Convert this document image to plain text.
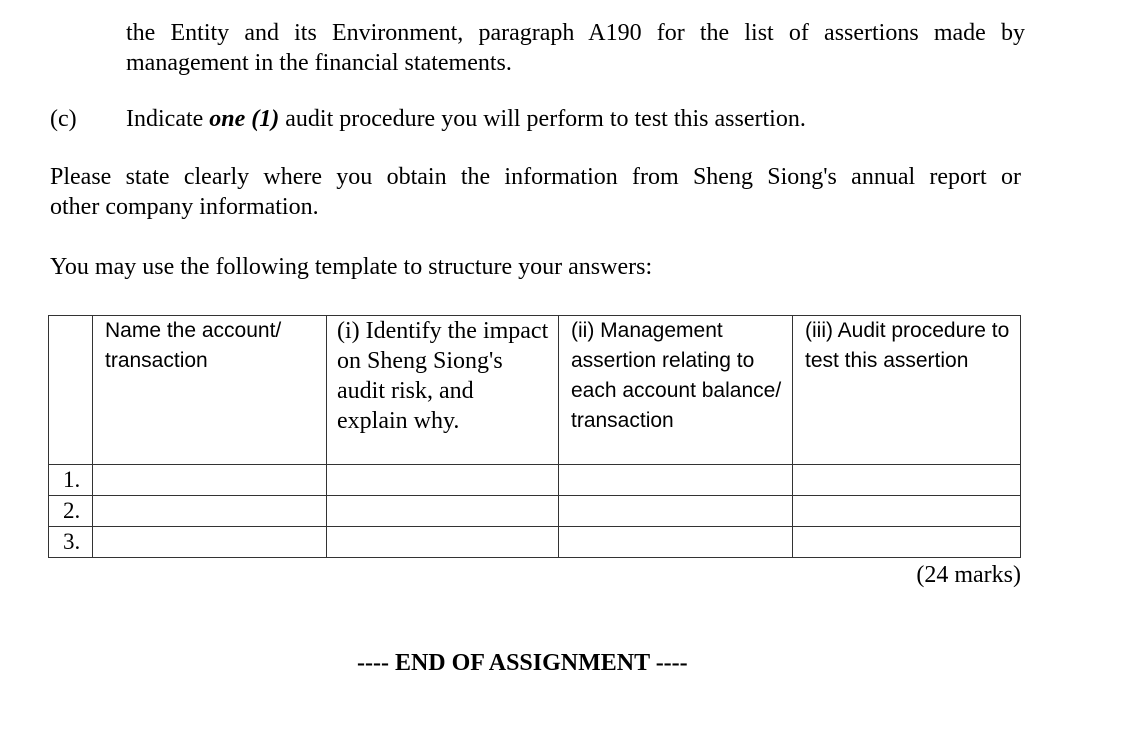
the Entity and its Environment, paragraph A190 for the list of assertions made by
management in the financial statements.
(c) Indicate one (1) audit procedure you will perform to test this assertion.
Please state clearly where you obtain the information from Sheng Siong's annual report or
other company information.
You may use the following template to structure your answers:
	Name the account/ transaction	(i) Identify the impact on Sheng Siong's audit risk, and explain why.	(ii) Management assertion relating to each account balance/ transaction	(iii) Audit procedure to test this assertion
1.				
2.				
3.				
(24 marks)
---- END OF ASSIGNMENT ----
